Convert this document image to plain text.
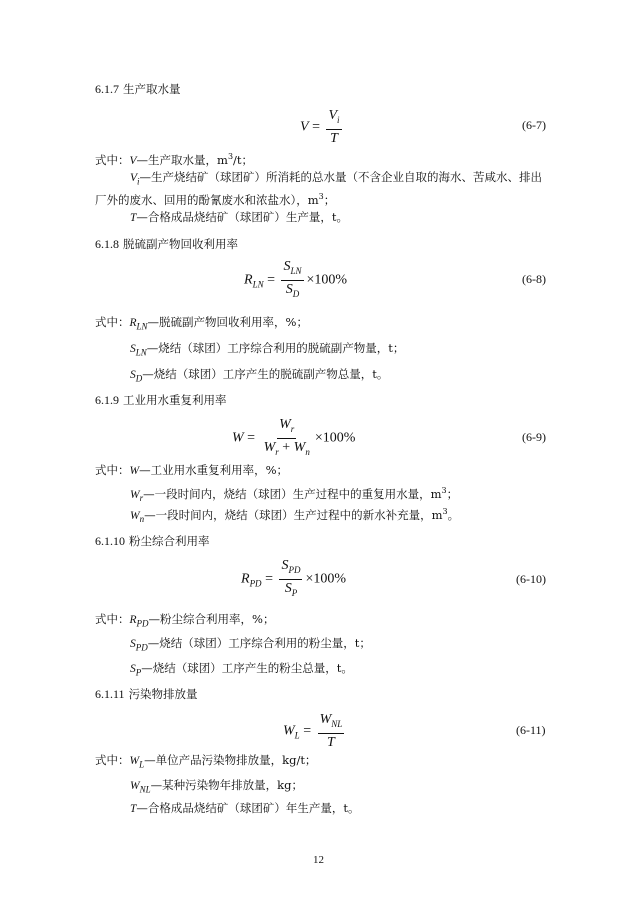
6.1.7 生产取水量
$V = \frac{V_i}{T}$	(6-7)
式中：V—生产取水量，$m^3/t$；
$V_i—$生产烧结矿（球团矿）所消耗的总水量（不含企业自取的海水、苦咸水、排出
厂外的废水、回用的酚氰废水和浓盐水），$m^3$；
T—合格成品烧结矿（球团矿）生产量，t。
6.1.8 脱硫副产物回收利用率
$R_{LN} = \frac{S_{LN}}{S_D} \times 100\%$	(6-8)
式中：$R_{LN}—$脱硫副产物回收利用率，%；
$S_{LN}—$烧结（球团）工序综合利用的脱硫副产物量，t；
$S_D—$烧结（球团）工序产生的脱硫副产物总量，t。
6.1.9 工业用水重复利用率
$W = \frac{W_r}{W_r + W_n} \times 100\%$	(6-9)
式中：W—工业用水重复利用率，%；
$W_r—$一段时间内，烧结（球团）生产过程中的重复用水量，$m^3$；
$W_n—$一段时间内，烧结（球团）生产过程中的新水补充量，$m^3$。
6.1.10 粉尘综合利用率
$R_{PD} = \frac{S_{PD}}{S_P} \times 100\%$	(6-10)
式中：$R_{PD}—$粉尘综合利用率，%；
$S_{PD}—$烧结（球团）工序综合利用的粉尘量，t；
$S_P—$烧结（球团）工序产生的粉尘总量，t。
6.1.11 污染物排放量
$W_L = \frac{W_{NL}}{T}$	(6-11)
式中：$W_L—$单位产品污染物排放量，kg/t；
$W_{NL}—$某种污染物年排放量，kg；
T—合格成品烧结矿（球团矿）年生产量，t。
12
